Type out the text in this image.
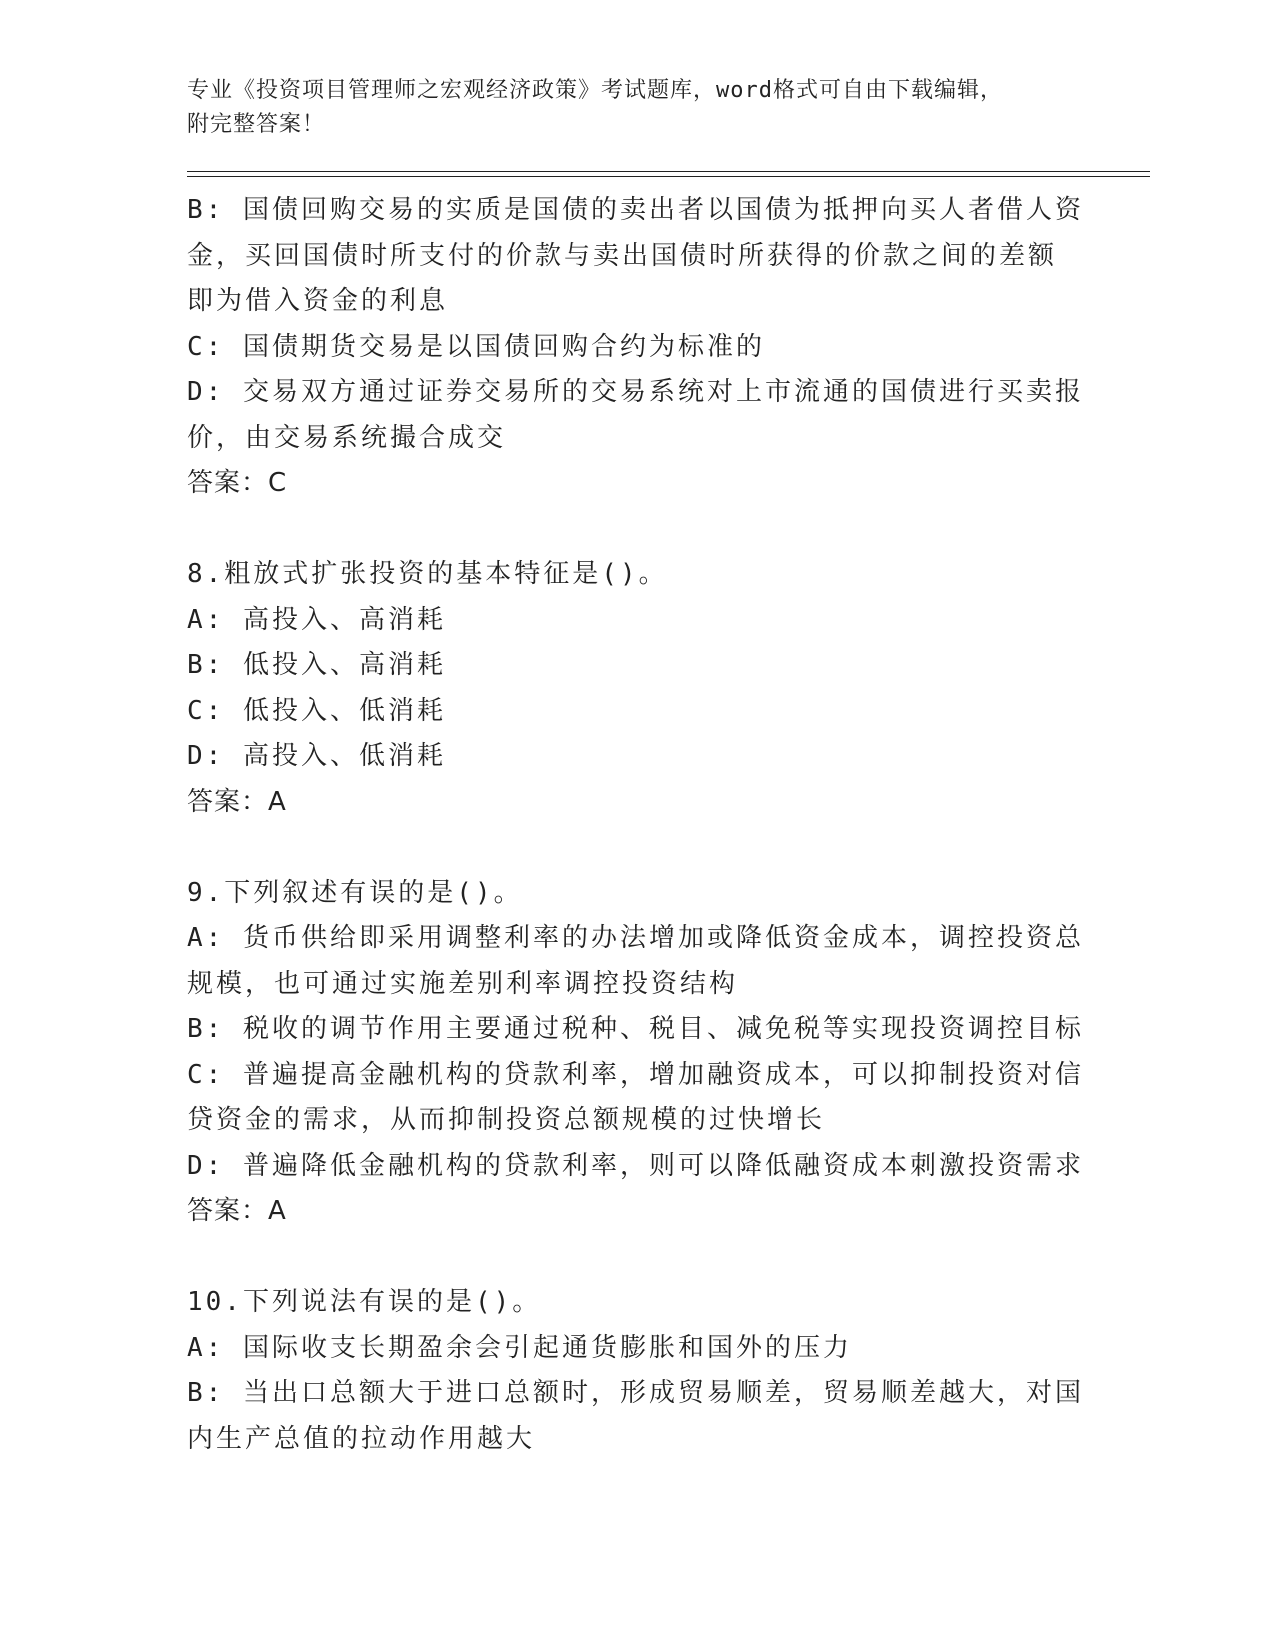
专业《投资项目管理师之宏观经济政策》考试题库，word格式可自由下载编辑，
附完整答案！
B: 国债回购交易的实质是国债的卖出者以国债为抵押向买人者借人资
金，买回国债时所支付的价款与卖出国债时所获得的价款之间的差额
即为借入资金的利息
C: 国债期货交易是以国债回购合约为标准的
D: 交易双方通过证券交易所的交易系统对上市流通的国债进行买卖报
价，由交易系统撮合成交
答案：C
8.粗放式扩张投资的基本特征是()。
A: 高投入、高消耗
B: 低投入、高消耗
C: 低投入、低消耗
D: 高投入、低消耗
答案：A
9.下列叙述有误的是()。
A: 货币供给即采用调整利率的办法增加或降低资金成本，调控投资总
规模，也可通过实施差别利率调控投资结构
B: 税收的调节作用主要通过税种、税目、减免税等实现投资调控目标
C: 普遍提高金融机构的贷款利率，增加融资成本，可以抑制投资对信
贷资金的需求，从而抑制投资总额规模的过快增长
D: 普遍降低金融机构的贷款利率，则可以降低融资成本刺激投资需求
答案：A
10.下列说法有误的是()。
A: 国际收支长期盈余会引起通货膨胀和国外的压力
B: 当出口总额大于进口总额时，形成贸易顺差，贸易顺差越大，对国
内生产总值的拉动作用越大
